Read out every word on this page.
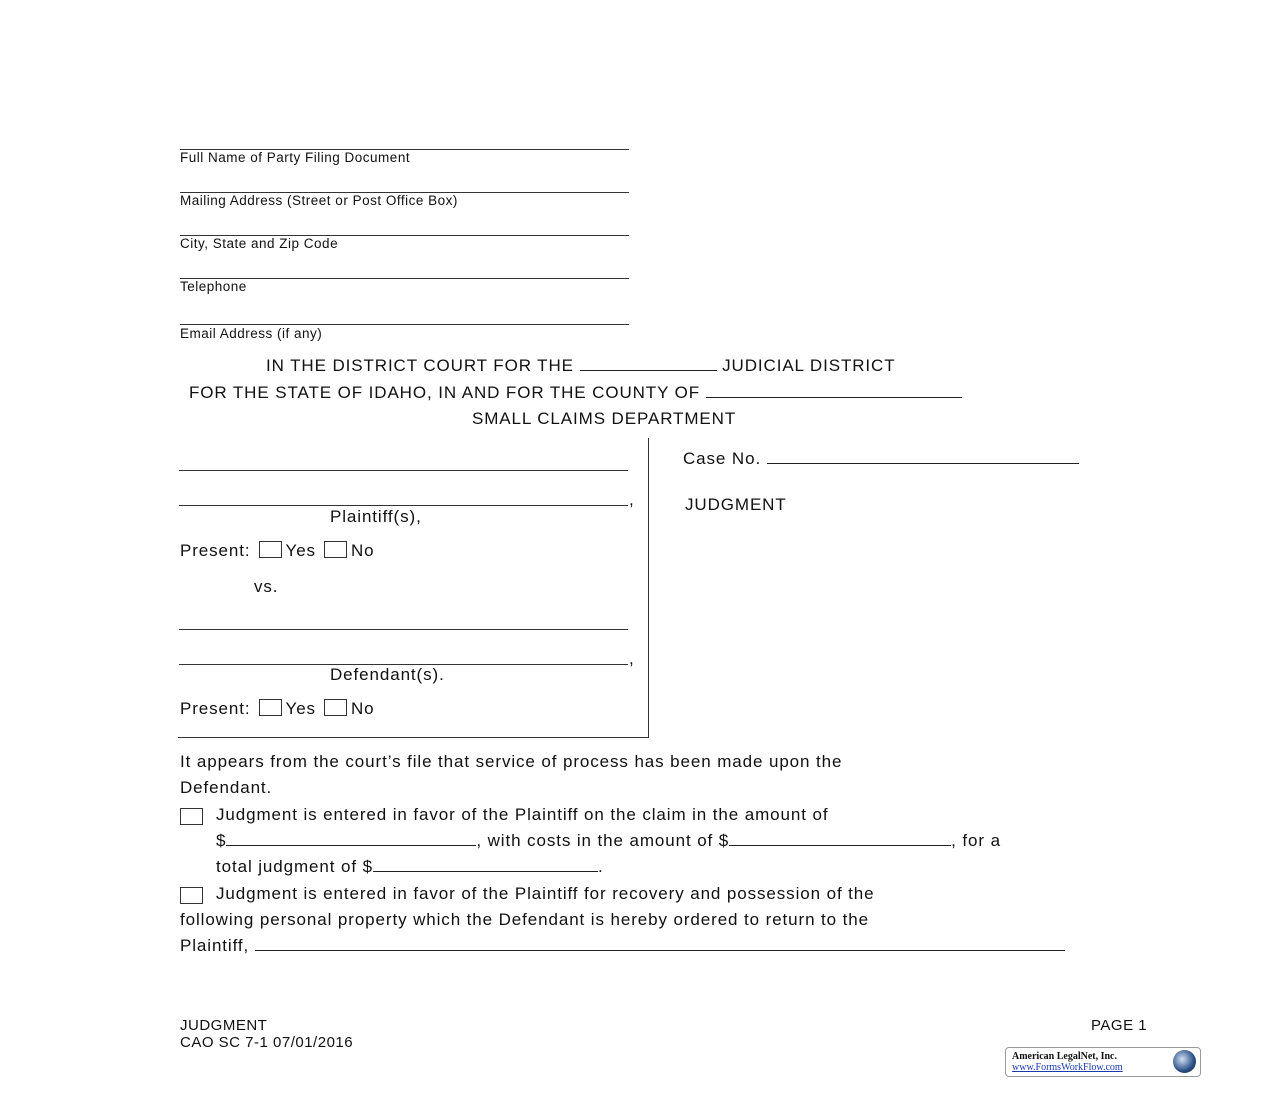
Full Name of Party Filing Document
Mailing Address (Street or Post Office Box)
City, State and Zip Code
Telephone
Email Address (if any)
IN THE DISTRICT COURT FOR THE	JUDICIAL DISTRICT
FOR THE STATE OF IDAHO, IN AND FOR THE COUNTY OF
SMALL CLAIMS DEPARTMENT
,
Plaintiff(s),
Present: Yes No
vs.
,
Defendant(s).
Present: Yes No
Case No.
JUDGMENT
It appears from the court’s file that service of process has been made upon the
Defendant.
Judgment is entered in favor of the Plaintiff on the claim in the amount of
$	, with costs in the amount of $	, for a
total judgment of $	.
Judgment is entered in favor of the Plaintiff for recovery and possession of the
following personal property which the Defendant is hereby ordered to return to the
Plaintiff,
JUDGMENT
CAO SC 7-1 07/01/2016
PAGE 1
American LegalNet, Inc.
www.FormsWorkFlow.com
